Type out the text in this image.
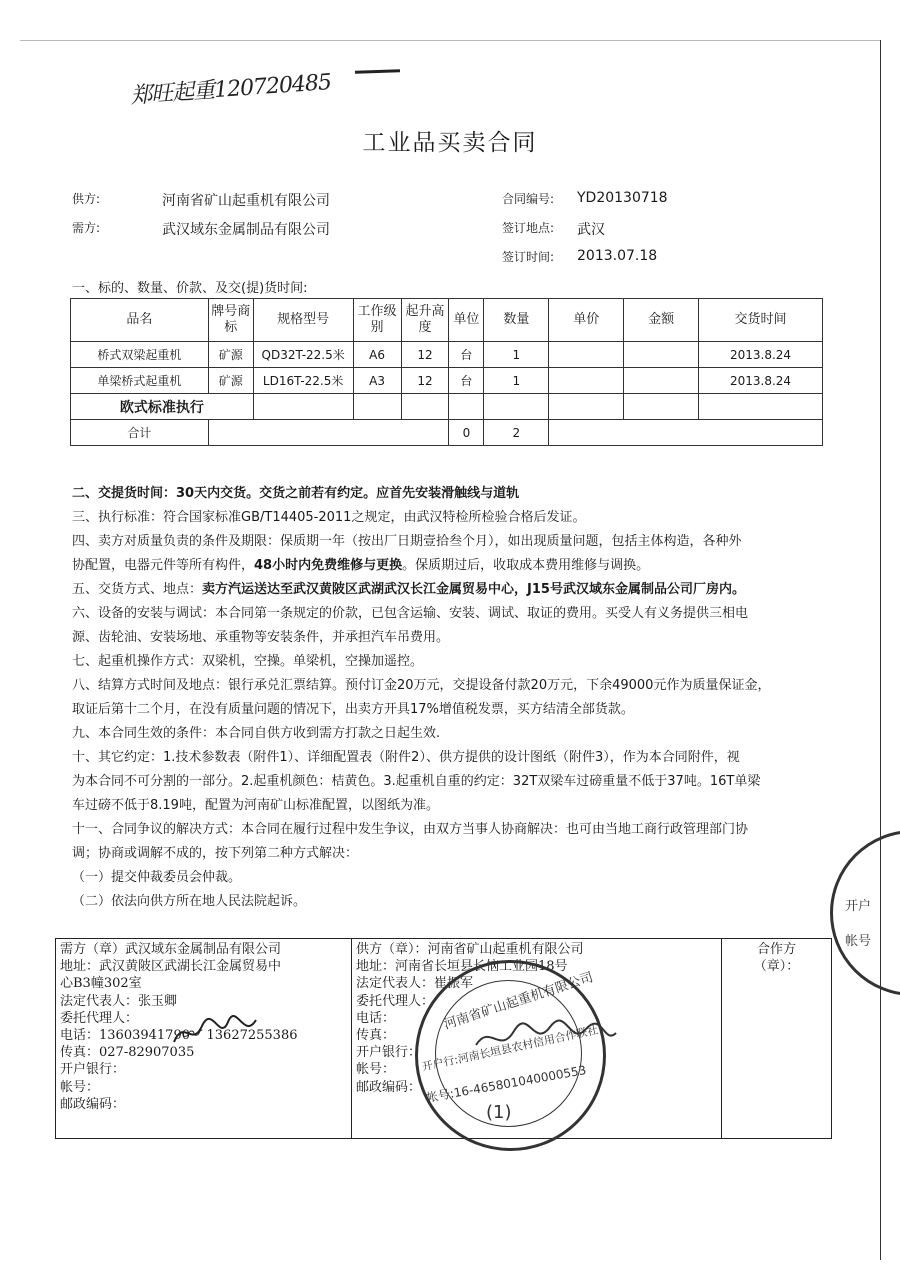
郑旺起重120720485
工业品买卖合同
供方:	河南省矿山起重机有限公司
需方:	武汉域东金属制品有限公司
合同编号: YD20130718
签订地点: 武汉
签订时间: 2013.07.18
一、标的、数量、价款、及交(提)货时间:
品名	牌号商标	规格型号	工作级别	起升高度	单位	数量	单价	金额	交货时间
桥式双梁起重机	矿源	QD32T-22.5米	A6	12	台	1			2013.8.24
单梁桥式起重机	矿源	LD16T-22.5米	A3	12	台	1			2013.8.24
欧式标准执行									
合计					0	2			
二、交提货时间：30天内交货。交货之前若有约定。应首先安装滑触线与道轨
三、执行标准：符合国家标准GB/T14405-2011之规定，由武汉特检所检验合格后发证。
四、卖方对质量负责的条件及期限：保质期一年（按出厂日期壹拾叁个月），如出现质量问题，包括主体构造，各种外
协配置，电器元件等所有构件，48小时内免费维修与更换。保质期过后，收取成本费用维修与调换。
五、交货方式、地点：卖方汽运送达至武汉黄陂区武湖武汉长江金属贸易中心，J15号武汉域东金属制品公司厂房内。
六、设备的安装与调试：本合同第一条规定的价款，已包含运输、安装、调试、取证的费用。买受人有义务提供三相电
源、齿轮油、安装场地、承重物等安装条件，并承担汽车吊费用。
七、起重机操作方式：双梁机，空操。单梁机，空操加遥控。
八、结算方式时间及地点：银行承兑汇票结算。预付订金20万元，交提设备付款20万元，下余49000元作为质量保证金，
取证后第十二个月，在没有质量问题的情况下，出卖方开具17%增值税发票，买方结清全部货款。
九、本合同生效的条件：本合同自供方收到需方打款之日起生效.
十、其它约定：1.技术参数表（附件1）、详细配置表（附件2）、供方提供的设计图纸（附件3），作为本合同附件，视
为本合同不可分割的一部分。2.起重机颜色：桔黄色。3.起重机自重的约定：32T双梁车过磅重量不低于37吨。16T单梁
车过磅不低于8.19吨，配置为河南矿山标准配置，以图纸为准。
十一、合同争议的解决方式：本合同在履行过程中发生争议，由双方当事人协商解决：也可由当地工商行政管理部门协
调；协商或调解不成的，按下列第二种方式解决：
（一）提交仲裁委员会仲裁。
（二）依法向供方所在地人民法院起诉。
需方（章）武汉域东金属制品有限公司
地址：武汉黄陂区武湖长江金属贸易中
心B3幢302室
法定代表人：张玉卿
委托代理人：
电话：13603941790 13627255386
传真：027-82907035
开户银行：
帐号：
邮政编码：
供方（章）：河南省矿山起重机有限公司
地址：河南省长垣县长恼工业园18号
法定代表人：崔振军
委托代理人：
电话：
传真：
开户银行：
帐号：
邮政编码：
合作方
（章）：
〰︎
河南省矿山起重机有限公司
开户行:河南长垣县农村信用合作联社
帐号:16-465801040000553
(1)
开户
帐号
